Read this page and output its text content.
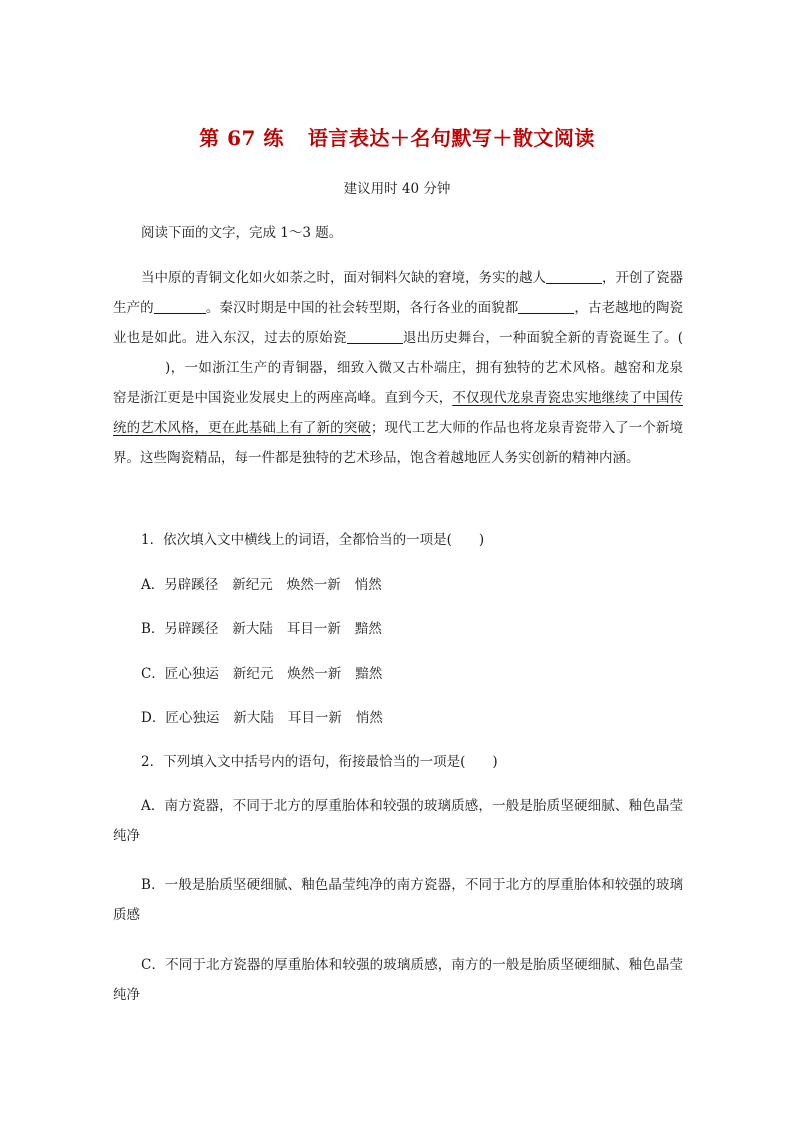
第 67 练 语言表达＋名句默写＋散文阅读
建议用时 40 分钟
阅读下面的文字，完成 1～3 题。

当中原的青铜文化如火如荼之时，面对铜料欠缺的窘境，务实的越人	，开创了瓷器生产的	。秦汉时期是中国的社会转型期，各行各业的面貌都	，古老越地的陶瓷业也是如此。进入东汉，过去的原始瓷	退出历史舞台，一种面貌全新的青瓷诞生了。()，一如浙江生产的青铜器，细致入微又古朴端庄，拥有独特的艺术风格。越窑和龙泉窑是浙江更是中国瓷业发展史上的两座高峰。直到今天，不仅现代龙泉青瓷忠实地继续了中国传统的艺术风格，更在此基础上有了新的突破；现代工艺大师的作品也将龙泉青瓷带入了一个新境界。这些陶瓷精品，每一件都是独特的艺术珍品，饱含着越地匠人务实创新的精神内涵。

1．依次填入文中横线上的词语，全都恰当的一项是(　　)
A．另辟蹊径 新纪元 焕然一新 悄然
B．另辟蹊径 新大陆 耳目一新 黯然
C．匠心独运 新纪元 焕然一新 黯然
D．匠心独运 新大陆 耳目一新 悄然
2．下列填入文中括号内的语句，衔接最恰当的一项是(　　)

A．南方瓷器，不同于北方的厚重胎体和较强的玻璃质感，一般是胎质坚硬细腻、釉色晶莹纯净

B．一般是胎质坚硬细腻、釉色晶莹纯净的南方瓷器，不同于北方的厚重胎体和较强的玻璃质感

C．不同于北方瓷器的厚重胎体和较强的玻璃质感，南方的一般是胎质坚硬细腻、釉色晶莹纯净
